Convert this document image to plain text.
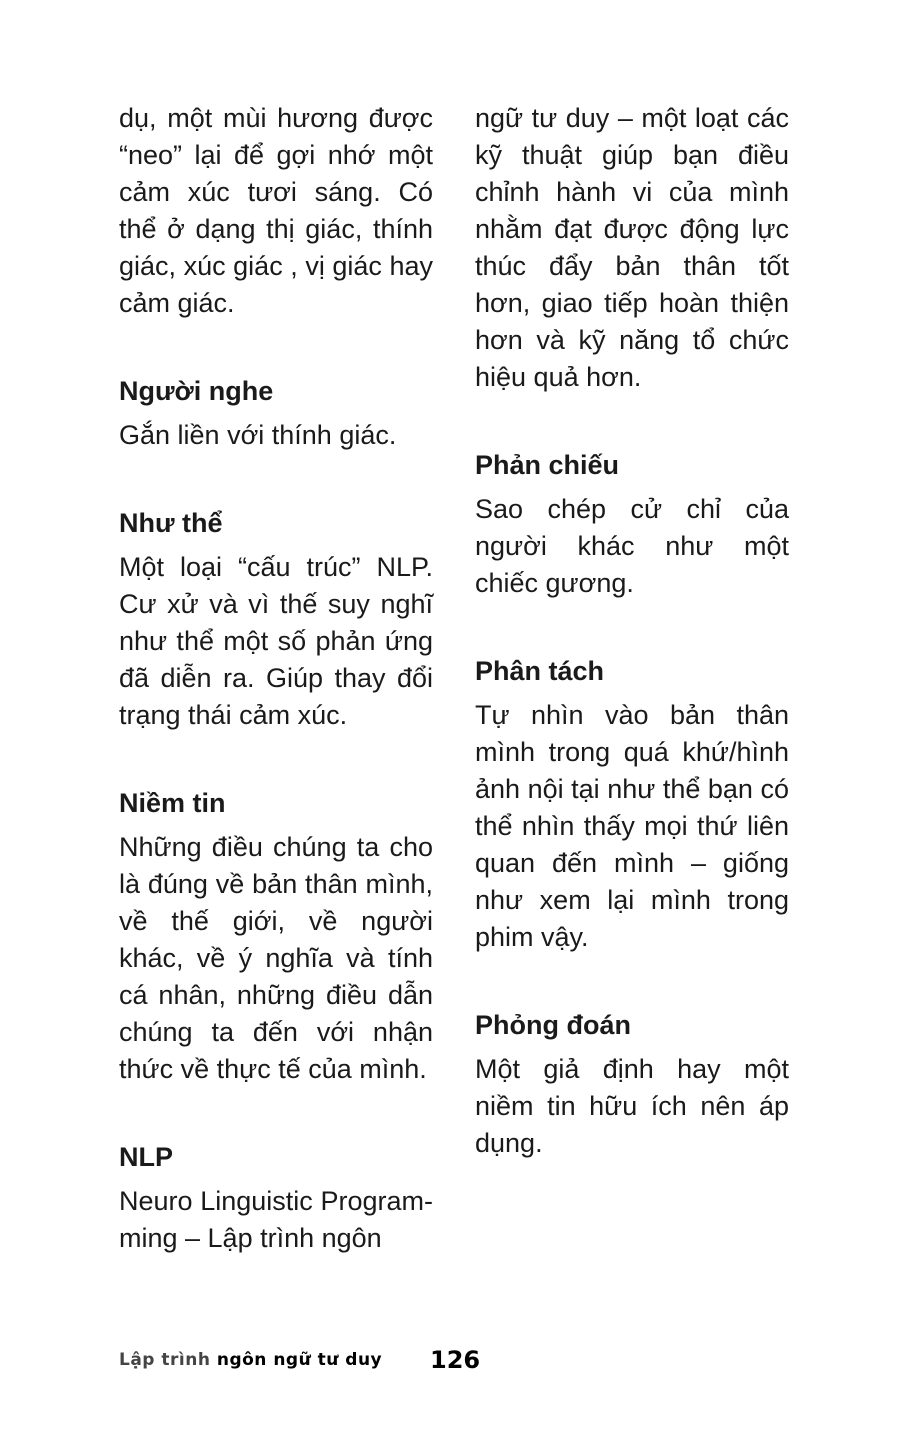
dụ, một mùi hương được “neo” lại để gợi nhớ một cảm xúc tươi sáng. Có thể ở dạng thị giác, thính giác, xúc giác , vị giác hay cảm giác.

Người nghe

Gắn liền với thính giác.

Như thể

Một loại “cấu trúc” NLP. Cư xử và vì thế suy nghĩ như thể một số phản ứng đã diễn ra. Giúp thay đổi trạng thái cảm xúc.

Niềm tin

Những điều chúng ta cho là đúng về bản thân mình, về thế giới, về người khác, về ý nghĩa và tính cá nhân, những điều dẫn chúng ta đến với nhận thức về thực tế của mình.

NLP

Neuro Linguistic Programming – Lập trình ngôn

ngữ tư duy – một loạt các kỹ thuật giúp bạn điều chỉnh hành vi của mình nhằm đạt được động lực thúc đẩy bản thân tốt hơn, giao tiếp hoàn thiện hơn và kỹ năng tổ chức hiệu quả hơn.

Phản chiếu

Sao chép cử chỉ của người khác như một chiếc gương.

Phân tách

Tự nhìn vào bản thân mình trong quá khứ/hình ảnh nội tại như thể bạn có thể nhìn thấy mọi thứ liên quan đến mình – giống như xem lại mình trong phim vậy.

Phỏng đoán

Một giả định hay một niềm tin hữu ích nên áp dụng.

Lập trình ngôn ngữ tư duy 126
